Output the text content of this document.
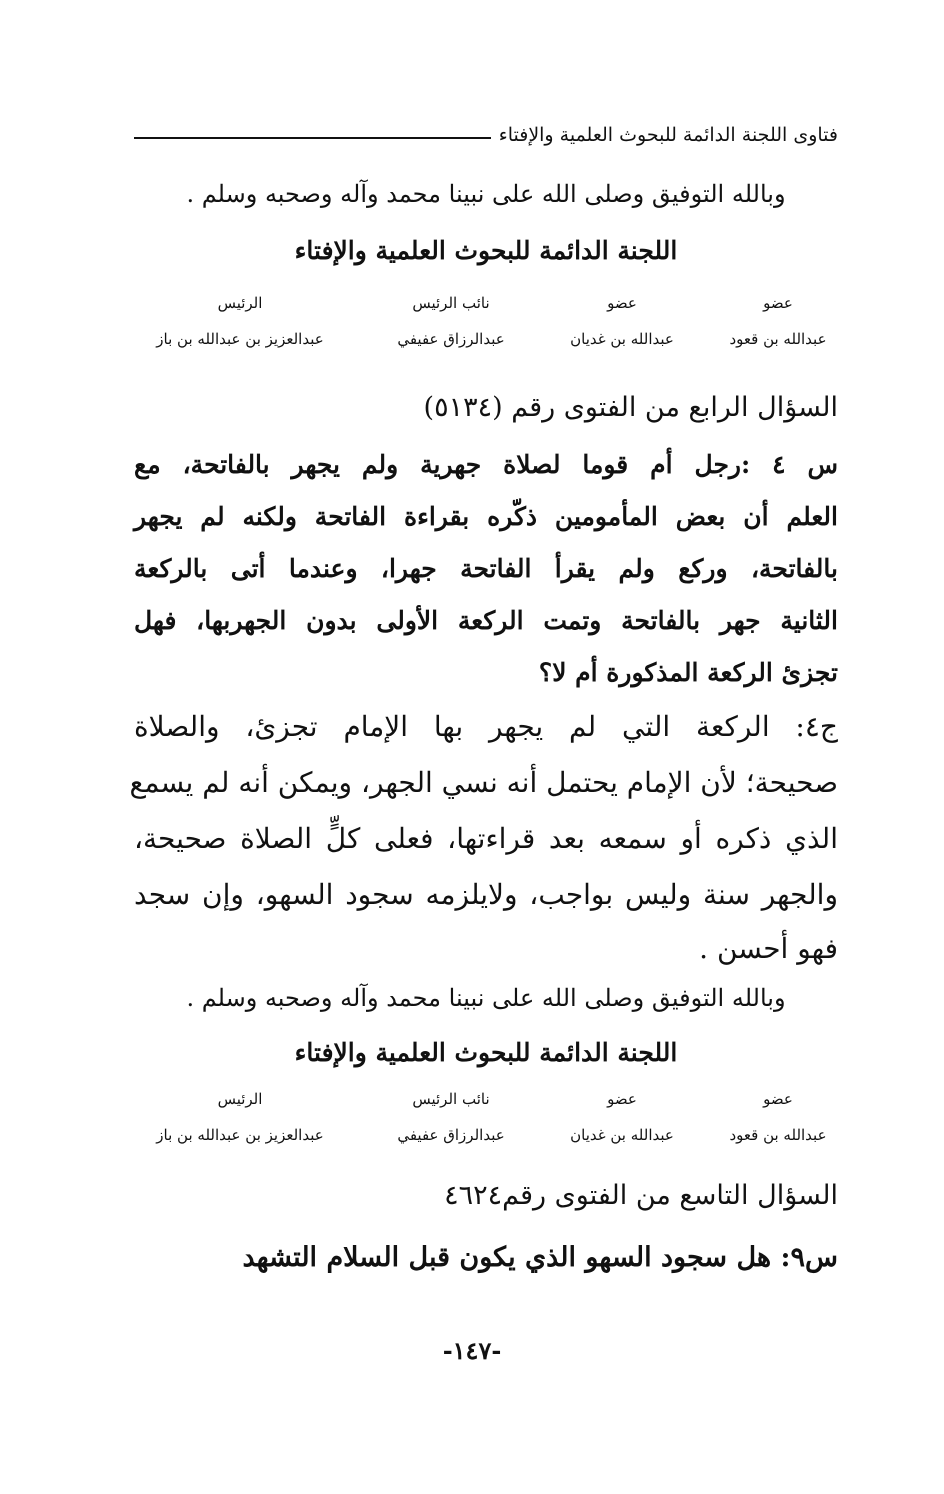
فتاوى اللجنة الدائمة للبحوث العلمية والإفتاء
وبالله التوفيق وصلى الله على نبينا محمد وآله وصحبه وسلم .
اللجنة الدائمة للبحوث العلمية والإفتاء
عضو
عضو
نائب الرئيس
الرئيس
عبدالله بن قعود
عبدالله بن غديان
عبدالرزاق عفيفي
عبدالعزيز بن عبدالله بن باز
السؤال الرابع من الفتوى رقم (٥١٣٤)
س ٤ :رجل أم قوما لصلاة جهرية ولم يجهر بالفاتحة، مع
العلم أن بعض المأمومين ذكّره بقراءة الفاتحة ولكنه لم يجهر
بالفاتحة، وركع ولم يقرأ الفاتحة جهرا، وعندما أتى بالركعة
الثانية جهر بالفاتحة وتمت الركعة الأولى بدون الجهربها، فهل
تجزئ الركعة المذكورة أم لا؟
ج٤: الركعة التي لم يجهر بها الإمام تجزئ، والصلاة
صحيحة؛ لأن الإمام يحتمل أنه نسي الجهر، ويمكن أنه لم يسمع
الذي ذكره أو سمعه بعد قراءتها، فعلى كلٍّ الصلاة صحيحة،
والجهر سنة وليس بواجب، ولايلزمه سجود السهو، وإن سجد
فهو أحسن .
وبالله التوفيق وصلى الله على نبينا محمد وآله وصحبه وسلم .
اللجنة الدائمة للبحوث العلمية والإفتاء
عضو
عضو
نائب الرئيس
الرئيس
عبدالله بن قعود
عبدالله بن غديان
عبدالرزاق عفيفي
عبدالعزيز بن عبدالله بن باز
السؤال التاسع من الفتوى رقم٤٦٢٤
س٩: هل سجود السهو الذي يكون قبل السلام التشهد
-١٤٧-
